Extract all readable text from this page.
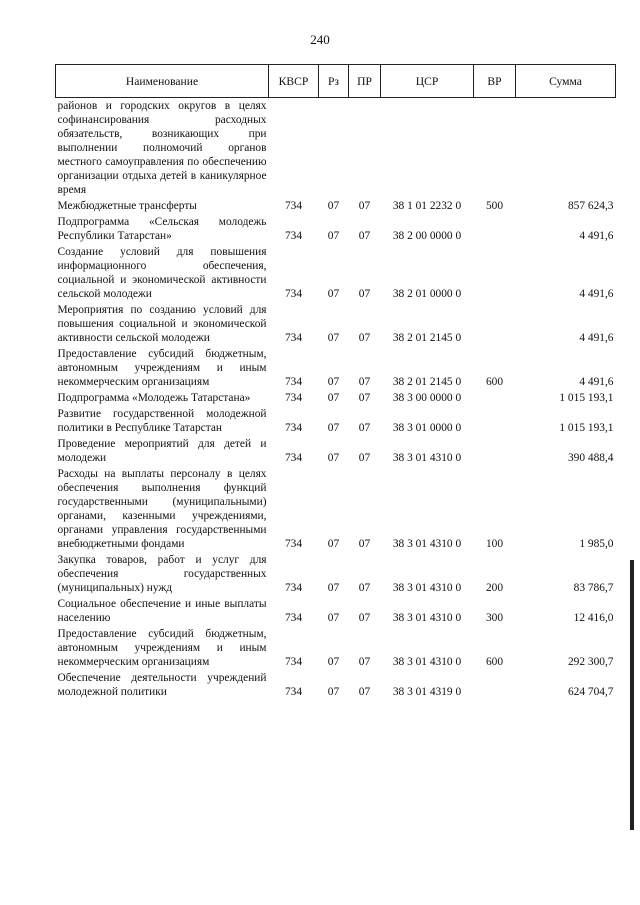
240
Наименование	КВСР	Рз	ПР	ЦСР	ВР	Сумма
районов и городских округов в целях софинансирования расходных обязательств, возникающих при выполнении полномочий органов местного самоуправления по обеспечению организации отдыха детей в каникулярное время						
Межбюджетные трансферты	734	07	07	38 1 01 2232 0	500	857 624,3
Подпрограмма «Сельская молодежь Республики Татарстан»	734	07	07	38 2 00 0000 0		4 491,6
Создание условий для повышения информационного обеспечения, социальной и экономической активности сельской молодежи	734	07	07	38 2 01 0000 0		4 491,6
Мероприятия по созданию условий для повышения социальной и экономической активности сельской молодежи	734	07	07	38 2 01 2145 0		4 491,6
Предоставление субсидий бюджетным, автономным учреждениям и иным некоммерческим организациям	734	07	07	38 2 01 2145 0	600	4 491,6
Подпрограмма «Молодежь Татарстана»	734	07	07	38 3 00 0000 0		1 015 193,1
Развитие государственной молодежной политики в Республике Татарстан	734	07	07	38 3 01 0000 0		1 015 193,1
Проведение мероприятий для детей и молодежи	734	07	07	38 3 01 4310 0		390 488,4
Расходы на выплаты персоналу в целях обеспечения выполнения функций государственными (муниципальными) органами, казенными учреждениями, органами управления государственными внебюджетными фондами	734	07	07	38 3 01 4310 0	100	1 985,0
Закупка товаров, работ и услуг для обеспечения государственных (муниципальных) нужд	734	07	07	38 3 01 4310 0	200	83 786,7
Социальное обеспечение и иные выплаты населению	734	07	07	38 3 01 4310 0	300	12 416,0
Предоставление субсидий бюджетным, автономным учреждениям и иным некоммерческим организациям	734	07	07	38 3 01 4310 0	600	292 300,7
Обеспечение деятельности учреждений молодежной политики	734	07	07	38 3 01 4319 0		624 704,7
